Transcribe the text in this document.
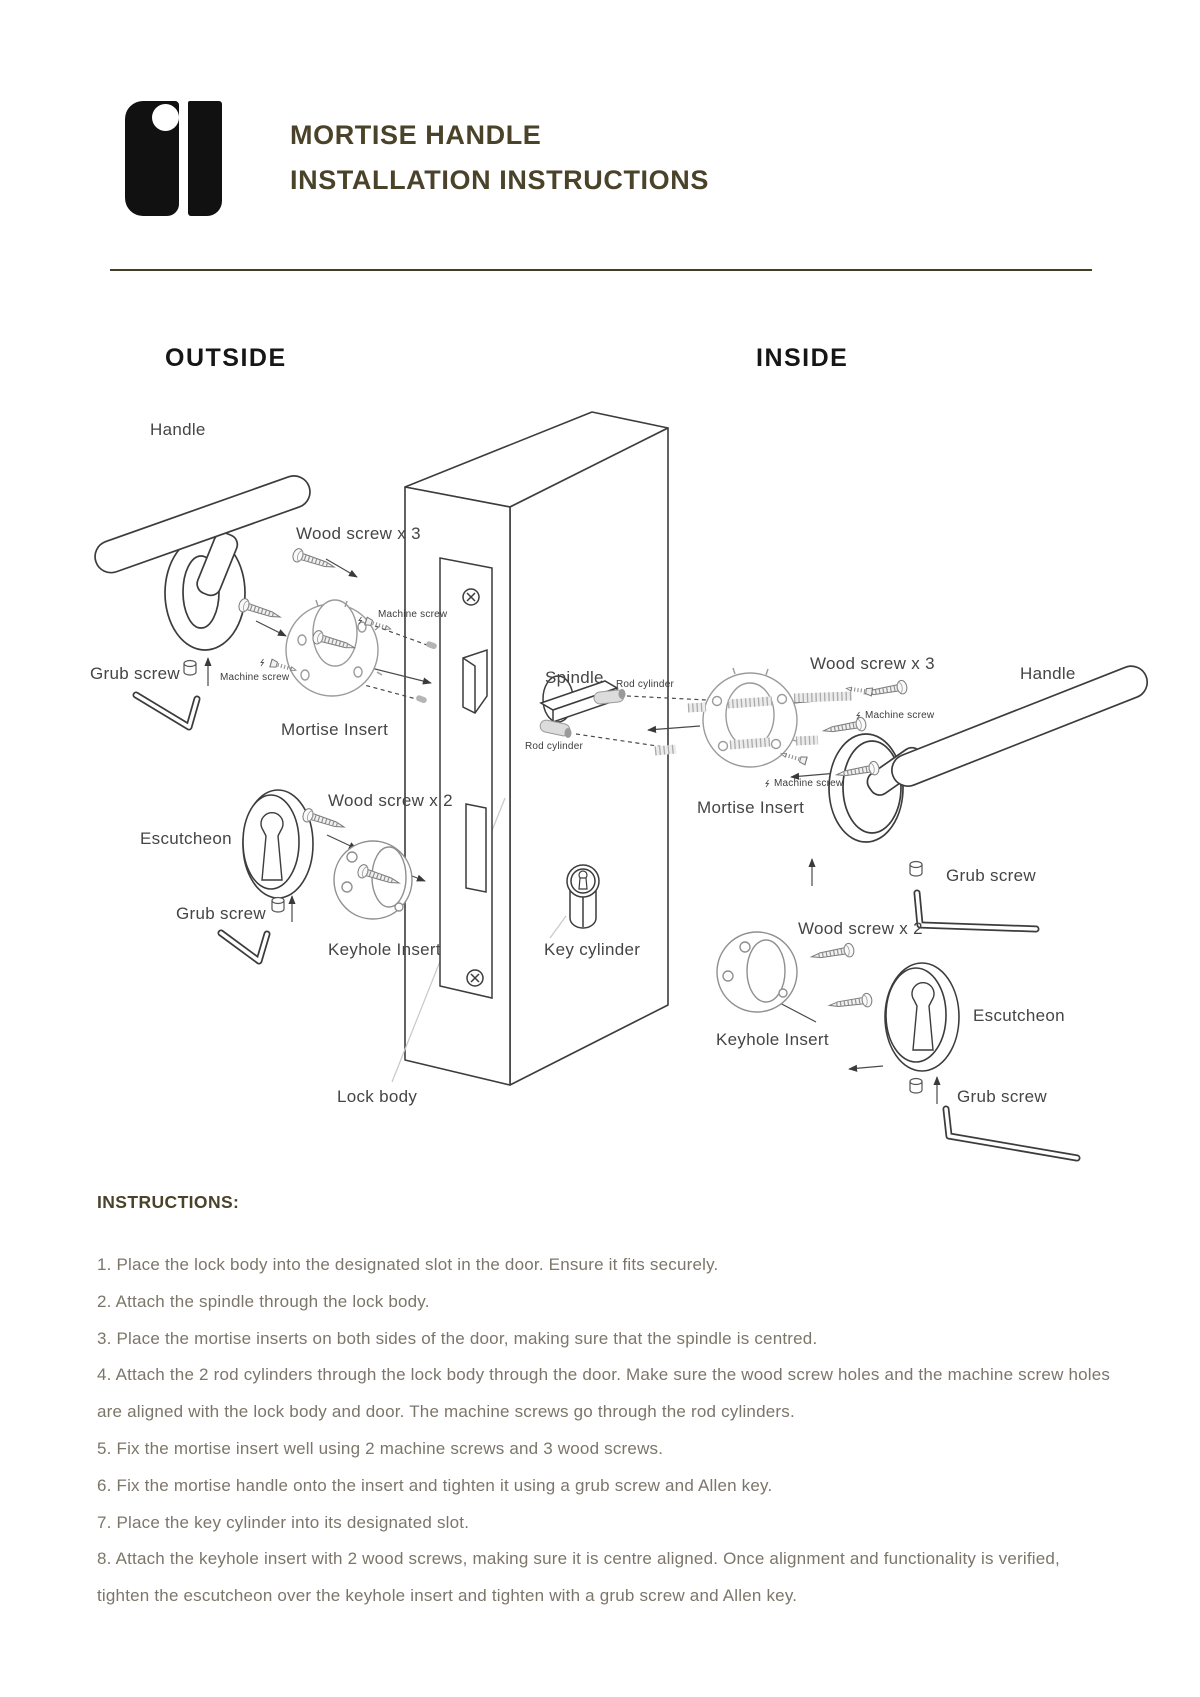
MORTISE HANDLE
INSTALLATION INSTRUCTIONS
OUTSIDE	INSIDE
Handle
Wood screw x 3
Machine screw
Grub screw	Machine screw
Mortise Insert
Escutcheon
Wood screw x 2
Grub screw
Keyhole Insert
Spindle Rod cylinder
Rod cylinder
Key cylinder
Lock body
Wood screw x 3
Handle
Machine screw
Machine screw
Mortise Insert
Grub screw
Wood screw x 2
Keyhole Insert
Escutcheon
Grub screw
INSTRUCTIONS:

1. Place the lock body into the designated slot in the door. Ensure it fits securely.

2. Attach the spindle through the lock body.

3. Place the mortise inserts on both sides of the door, making sure that the spindle is centred.

4. Attach the 2 rod cylinders through the lock body through the door. Make sure the wood screw holes and the machine screw holes are aligned with the lock body and door. The machine screws go through the rod cylinders.

5. Fix the mortise insert well using 2 machine screws and 3 wood screws.

6. Fix the mortise handle onto the insert and tighten it using a grub screw and Allen key.

7. Place the key cylinder into its designated slot.

8. Attach the keyhole insert with 2 wood screws, making sure it is centre aligned. Once alignment and functionality is verified, tighten the escutcheon over the keyhole insert and tighten with a grub screw and Allen key.
